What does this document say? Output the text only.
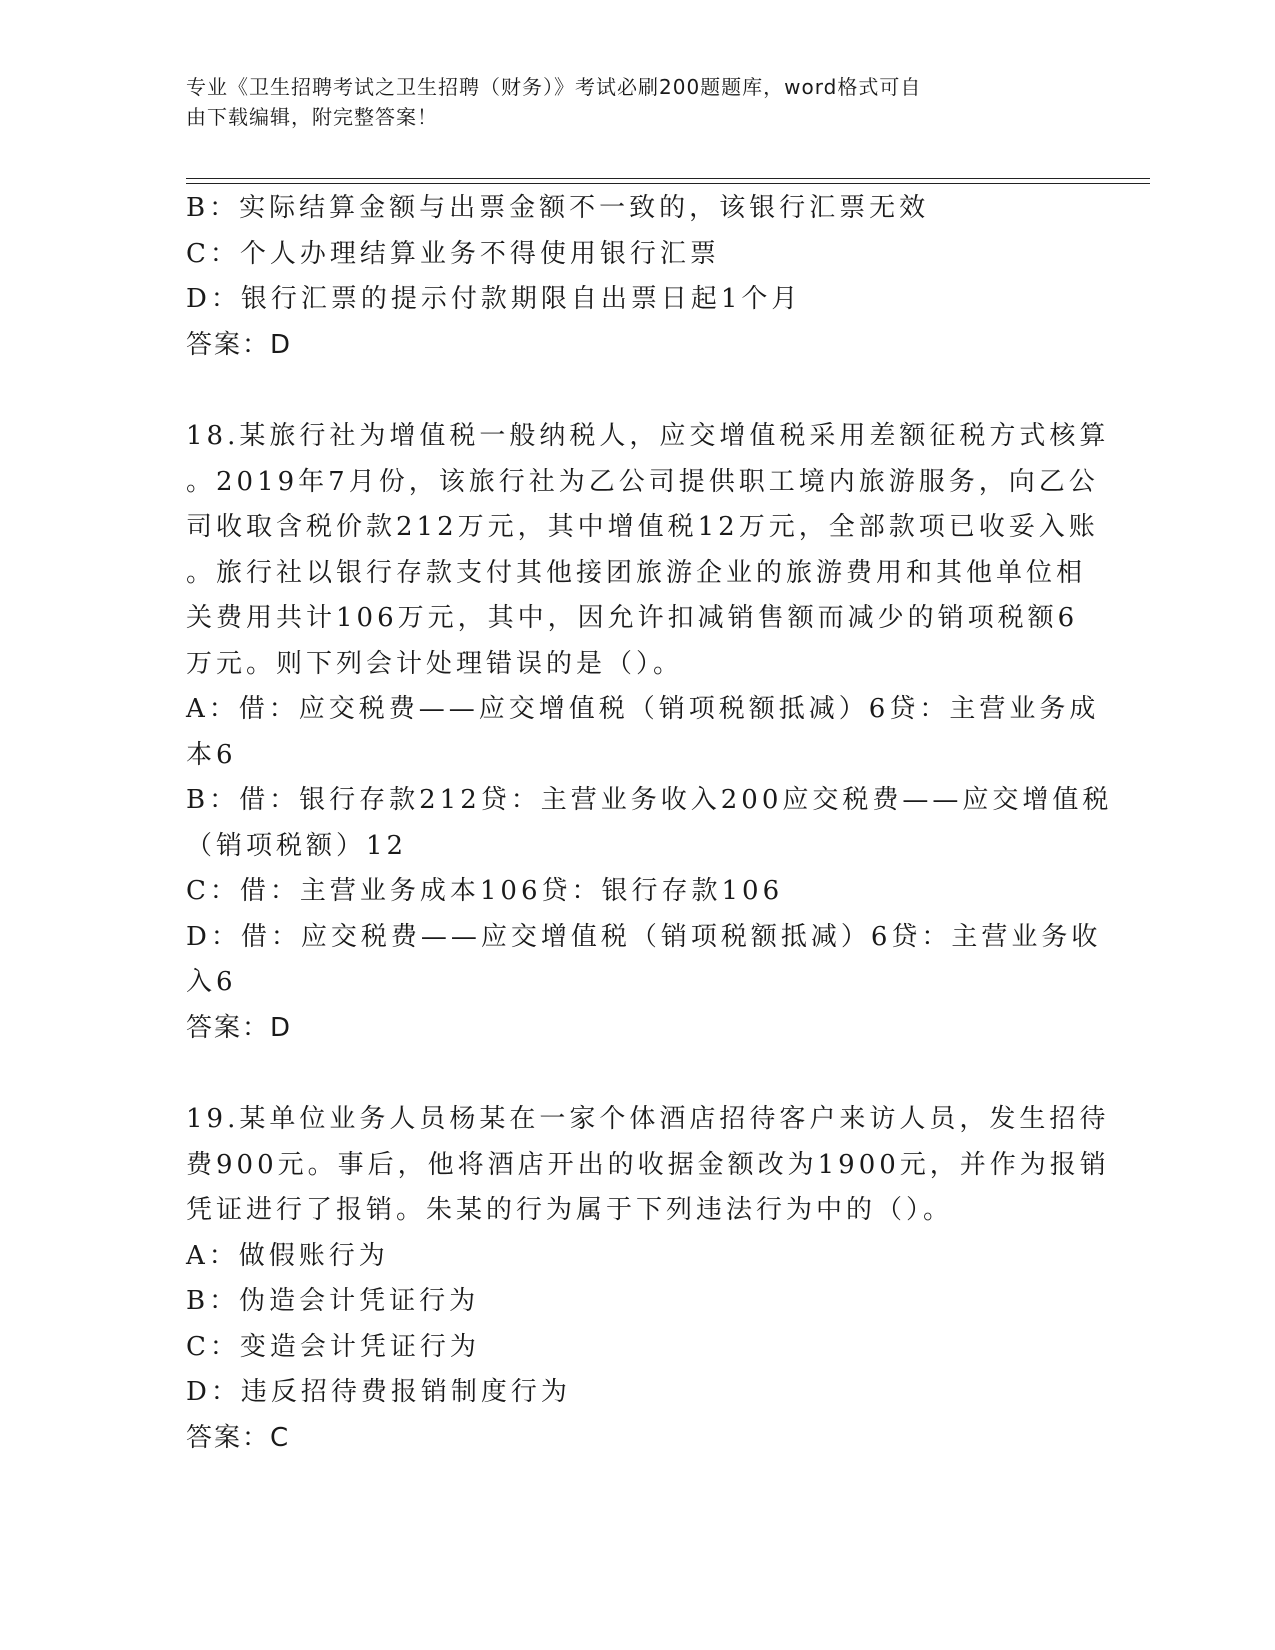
专业《卫生招聘考试之卫生招聘（财务）》考试必刷200题题库，word格式可自
由下载编辑，附完整答案！
B：实际结算金额与出票金额不一致的，该银行汇票无效
C：个人办理结算业务不得使用银行汇票
D：银行汇票的提示付款期限自出票日起1个月
答案：D
18.某旅行社为增值税一般纳税人，应交增值税采用差额征税方式核算
。2019年7月份，该旅行社为乙公司提供职工境内旅游服务，向乙公
司收取含税价款212万元，其中增值税12万元，全部款项已收妥入账
。旅行社以银行存款支付其他接团旅游企业的旅游费用和其他单位相
关费用共计106万元，其中，因允许扣减销售额而减少的销项税额6
万元。则下列会计处理错误的是（）。
A：借：应交税费——应交增值税（销项税额抵减）6贷：主营业务成
本6
B：借：银行存款212贷：主营业务收入200应交税费——应交增值税
（销项税额）12
C：借：主营业务成本106贷：银行存款106
D：借：应交税费——应交增值税（销项税额抵减）6贷：主营业务收
入6
答案：D
19.某单位业务人员杨某在一家个体酒店招待客户来访人员，发生招待
费900元。事后，他将酒店开出的收据金额改为1900元，并作为报销
凭证进行了报销。朱某的行为属于下列违法行为中的（）。
A：做假账行为
B：伪造会计凭证行为
C：变造会计凭证行为
D：违反招待费报销制度行为
答案：C
